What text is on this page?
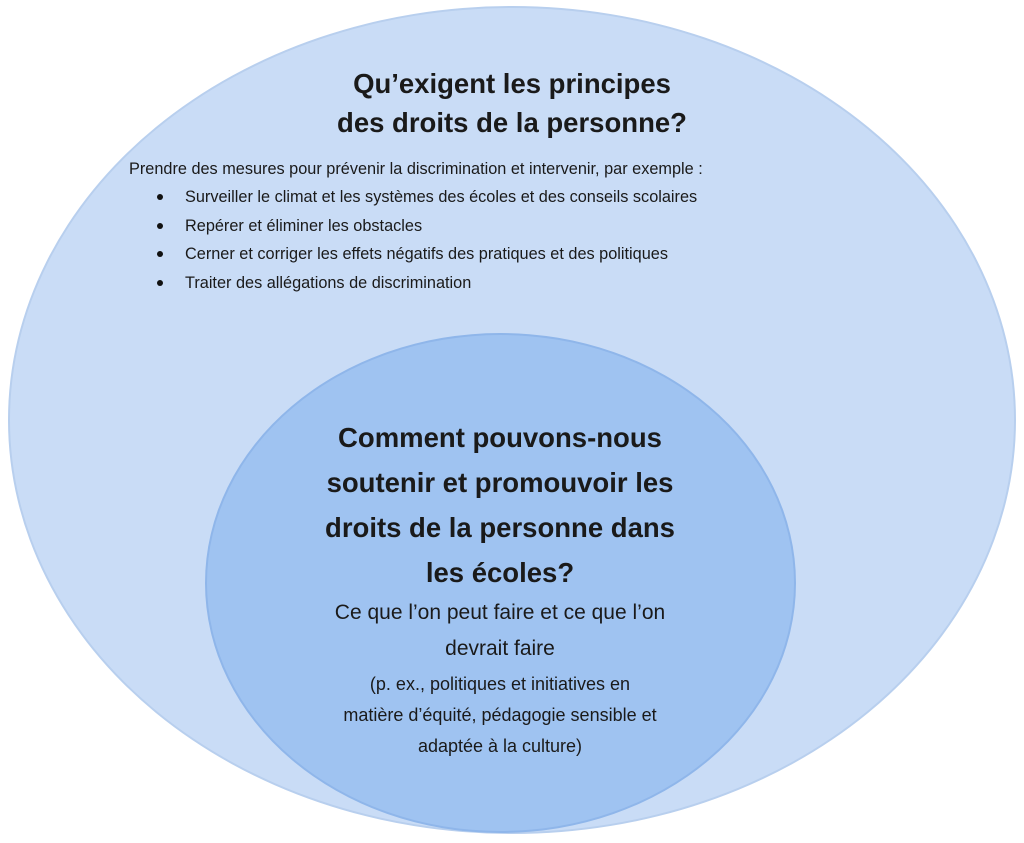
Qu’exigent les principes
des droits de la personne?

Prendre des mesures pour prévenir la discrimination et intervenir, par exemple :

Surveiller le climat et les systèmes des écoles et des conseils scolaires
Repérer et éliminer les obstacles
Cerner et corriger les effets négatifs des pratiques et des politiques
Traiter des allégations de discrimination
Comment pouvons-nous
soutenir et promouvoir les
droits de la personne dans
les écoles?

Ce que l’on peut faire et ce que l’on
devrait faire

(p. ex., politiques et initiatives en
matière d’équité, pédagogie sensible et
adaptée à la culture)
